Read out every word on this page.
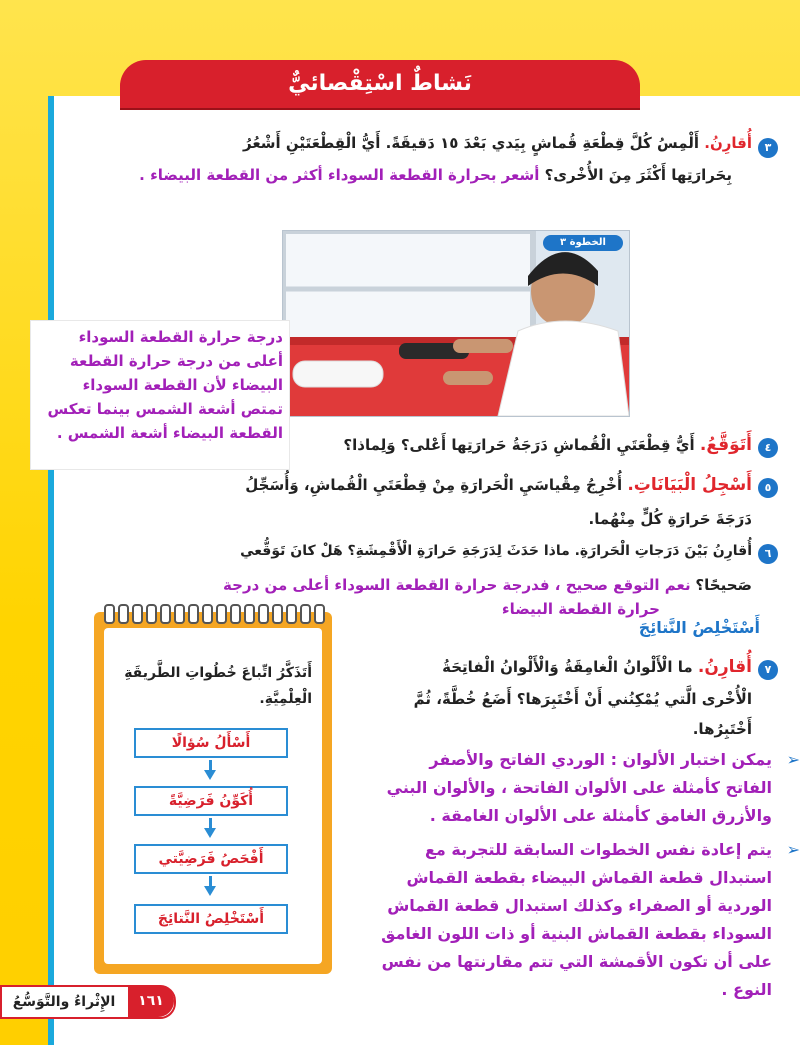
نَشاطٌ اسْتِقْصائيٌّ
٣
أُقارِنُ. أَلْمِسُ كُلَّ قِطْعَةِ قُماشٍ بِيَدي بَعْدَ ١٥ دَقيقَةً. أَيُّ الْقِطْعَتَيْنِ أَشْعُرُ
بِحَرارَتِها أَكْثَرَ مِنَ الأُخْرى؟ أشعر بحرارة القطعة السوداء أكثر من القطعة البيضاء .
الخطوة ٣
درجة حرارة القطعة السوداء
أعلى من درجة حرارة القطعة
البيضاء لأن القطعة السوداء
تمتص أشعة الشمس بينما تعكس
القطعة البيضاء أشعة الشمس .
٤
أَتَوَقَّعُ. أَيُّ قِطْعَتَيِ الْقُماشِ دَرَجَةُ حَرارَتِها أَعْلى؟ وَلِماذا؟
٥
أَسْجِلُ الْبَيَانَاتِ. أُخْرِجُ مِقْياسَيِ الْحَرارَةِ مِنْ قِطْعَتَيِ الْقُماشِ، وَأُسَجِّلُ
دَرَجَةَ حَرارَةِ كُلٍّ مِنْهُما.
٦
أُقارِنُ بَيْنَ دَرَجاتِ الْحَرارَةِ. ماذا حَدَثَ لِدَرَجَةِ حَرارَةِ الْأَقْمِشَةِ؟ هَلْ كانَ تَوَقُّعي
صَحيحًا؟ نعم التوقع صحيح ، فدرجة حرارة القطعة السوداء أعلى من درجة
حرارة القطعة البيضاء
أَسْتَخْلِصُ النَّتائِجَ
أَتَذَكَّرُ اتِّباعَ خُطُواتِ الطَّريقَةِ
الْعِلْمِيَّةِ.
أَسْأَلُ سُؤالًا
أُكَوِّنُ فَرَضِيَّةً
أَفْحَصُ فَرَضِيَّتي
أَسْتَخْلِصُ النَّتائِجَ
٧
أُقارِنُ. ما الْأَلْوانُ الْغامِقَةُ وَالْأَلْوانُ الْفاتِحَةُ
الْأُخْرى الَّتي يُمْكِنُني أَنْ أَخْتَبِرَها؟ أَضَعُ خُطَّةً، ثُمَّ
أَخْتَبِرُها.
➢
يمكن اختبار الألوان : الوردي الفاتح والأصفر
الفاتح كأمثلة على الألوان الفاتحة ، والألوان البني
والأزرق الغامق كأمثلة على الألوان الغامقة .
➢
يتم إعادة نفس الخطوات السابقة للتجربة مع
استبدال قطعة القماش البيضاء بقطعة القماش
الوردية أو الصفراء وكذلك استبدال قطعة القماش
السوداء بقطعة القماش البنية أو ذات اللون الغامق
على أن تكون الأقمشة التي تتم مقارنتها من نفس
النوع .
الإِثْراءُ والتَّوَسُّعُ	١٦١
